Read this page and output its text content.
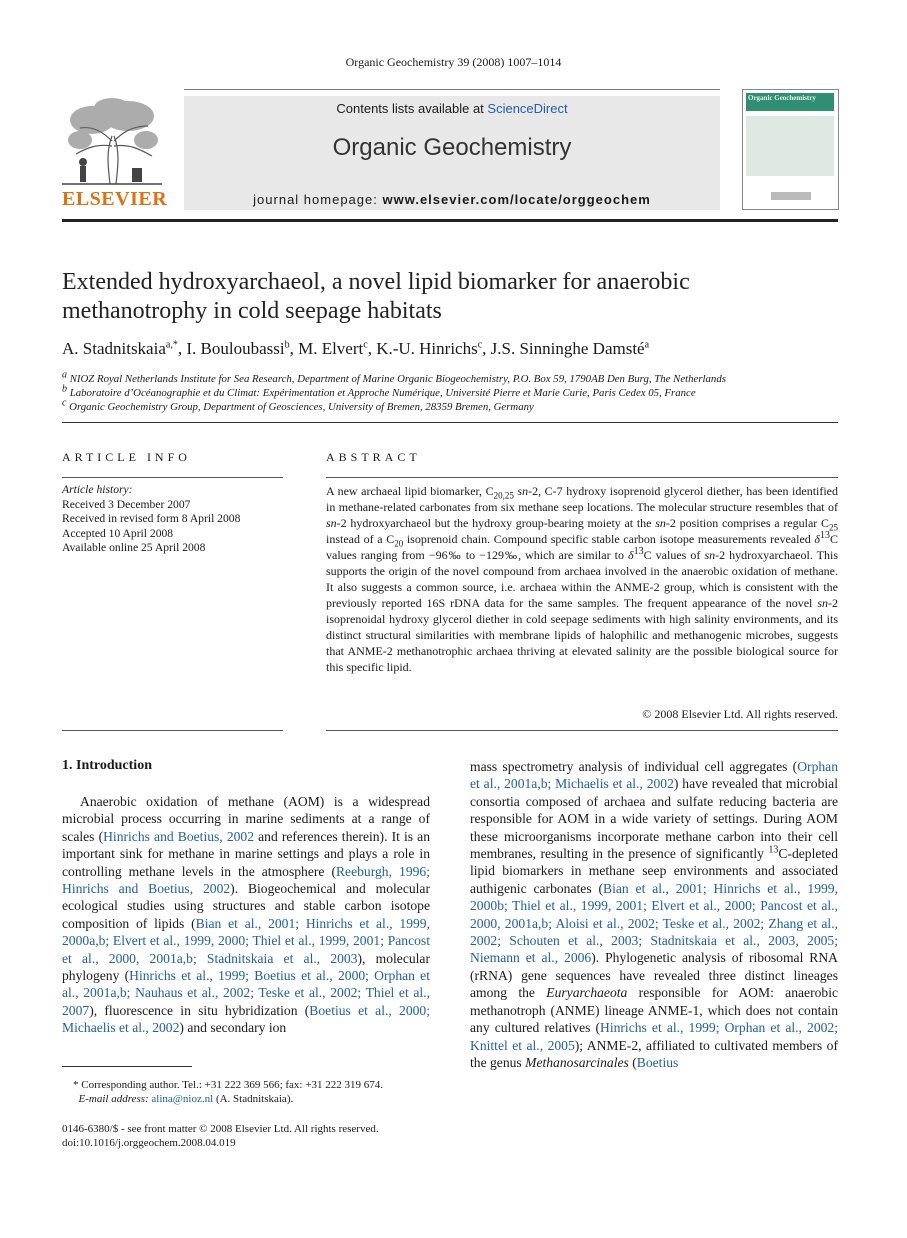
Organic Geochemistry 39 (2008) 1007–1014
ELSEVIER
Contents lists available at ScienceDirect
Organic Geochemistry
journal homepage: www.elsevier.com/locate/orggeochem
Organic Geochemistry
Extended hydroxyarchaeol, a novel lipid biomarker for anaerobic methanotrophy in cold seepage habitats
A. Stadnitskaia$^{a,*}$, I. Bouloubassi$^b$, M. Elvert$^c$, K.-U. Hinrichs$^c$, J.S. Sinninghe Damsté$^a$
$^a$ NIOZ Royal Netherlands Institute for Sea Research, Department of Marine Organic Biogeochemistry, P.O. Box 59, 1790AB Den Burg, The Netherlands
$^b$ Laboratoire d’Océanographie et du Climat: Expérimentation et Approche Numérique, Université Pierre et Marie Curie, Paris Cedex 05, France
$^c$ Organic Geochemistry Group, Department of Geosciences, University of Bremen, 28359 Bremen, Germany
ARTICLE INFO	ABSTRACT
Article history:
Received 3 December 2007
Received in revised form 8 April 2008
Accepted 10 April 2008
Available online 25 April 2008
A new archaeal lipid biomarker, $C_{20,25}$ sn-2, C-7 hydroxy isoprenoid glycerol diether, has been identified in methane-related carbonates from six methane seep locations. The molecular structure resembles that of sn-2 hydroxyarchaeol but the hydroxy group-bearing moiety at the sn-2 position comprises a regular $C_{25}$ instead of a $C_{20}$ isoprenoid chain. Compound specific stable carbon isotope measurements revealed $\delta^{13}C$ values ranging from −96‰ to −129‰, which are similar to $\delta^{13}C$ values of sn-2 hydroxyarchaeol. This supports the origin of the novel compound from archaea involved in the anaerobic oxidation of methane. It also suggests a common source, i.e. archaea within the ANME-2 group, which is consistent with the previously reported 16S rDNA data for the same samples. The frequent appearance of the novel sn-2 isoprenoidal hydroxy glycerol diether in cold seepage sediments with high salinity environments, and its distinct structural similarities with membrane lipids of halophilic and methanogenic microbes, suggests that ANME-2 methanotrophic archaea thriving at elevated salinity are the possible biological source for this specific lipid.
© 2008 Elsevier Ltd. All rights reserved.
1. Introduction
Anaerobic oxidation of methane (AOM) is a widespread microbial process occurring in marine sediments at a range of scales (Hinrichs and Boetius, 2002 and references therein). It is an important sink for methane in marine settings and plays a role in controlling methane levels in the atmosphere (Reeburgh, 1996; Hinrichs and Boetius, 2002). Biogeochemical and molecular ecological studies using structures and stable carbon isotope composition of lipids (Bian et al., 2001; Hinrichs et al., 1999, 2000a,b; Elvert et al., 1999, 2000; Thiel et al., 1999, 2001; Pancost et al., 2000, 2001a,b; Stadnitskaia et al., 2003), molecular phylogeny (Hinrichs et al., 1999; Boetius et al., 2000; Orphan et al., 2001a,b; Nauhaus et al., 2002; Teske et al., 2002; Thiel et al., 2007), fluorescence in situ hybridization (Boetius et al., 2000; Michaelis et al., 2002) and secondary ion
mass spectrometry analysis of individual cell aggregates (Orphan et al., 2001a,b; Michaelis et al., 2002) have revealed that microbial consortia composed of archaea and sulfate reducing bacteria are responsible for AOM in a wide variety of settings. During AOM these microorganisms incorporate methane carbon into their cell membranes, resulting in the presence of significantly $^{13}$C-depleted lipid biomarkers in methane seep environments and associated authigenic carbonates (Bian et al., 2001; Hinrichs et al., 1999, 2000b; Thiel et al., 1999, 2001; Elvert et al., 2000; Pancost et al., 2000, 2001a,b; Aloisi et al., 2002; Teske et al., 2002; Zhang et al., 2002; Schouten et al., 2003; Stadnitskaia et al., 2003, 2005; Niemann et al., 2006). Phylogenetic analysis of ribosomal RNA (rRNA) gene sequences have revealed three distinct lineages among the Euryarchaeota responsible for AOM: anaerobic methanotroph (ANME) lineage ANME-1, which does not contain any cultured relatives (Hinrichs et al., 1999; Orphan et al., 2002; Knittel et al., 2005); ANME-2, affiliated to cultivated members of the genus Methanosarcinales (Boetius
* Corresponding author. Tel.: +31 222 369 566; fax: +31 222 319 674.
E-mail address: alina@nioz.nl (A. Stadnitskaia).
0146-6380/$ - see front matter © 2008 Elsevier Ltd. All rights reserved.
doi:10.1016/j.orggeochem.2008.04.019
